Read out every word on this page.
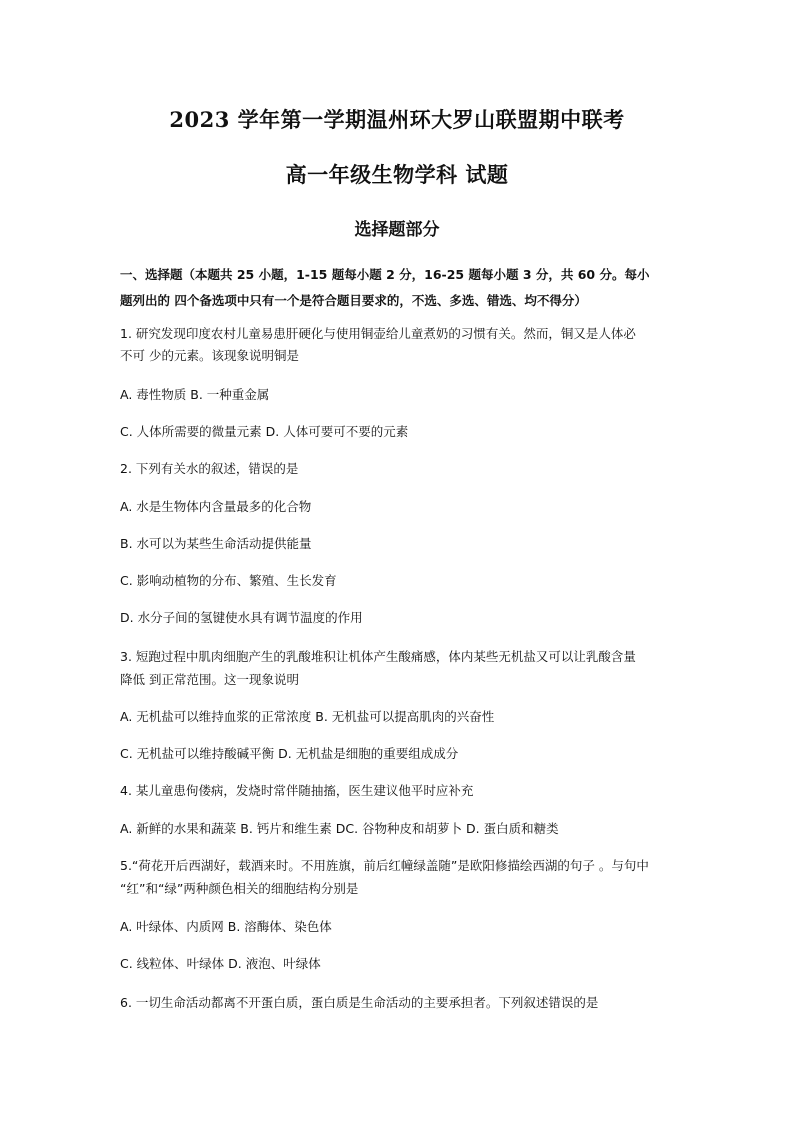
2023 学年第一学期温州环大罗山联盟期中联考
高一年级生物学科 试题
选择题部分
一、选择题（本题共 25 小题，1-15 题每小题 2 分，16-25 题每小题 3 分，共 60 分。每小
题列出的 四个备选项中只有一个是符合题目要求的，不选、多选、错选、均不得分）
1. 研究发现印度农村儿童易患肝硬化与使用铜壶给儿童煮奶的习惯有关。然而，铜又是人体必
不可 少的元素。该现象说明铜是
A. 毒性物质 B. 一种重金属
C. 人体所需要的微量元素 D. 人体可要可不要的元素
2. 下列有关水的叙述，错误的是
A. 水是生物体内含量最多的化合物
B. 水可以为某些生命活动提供能量
C. 影响动植物的分布、繁殖、生长发育
D. 水分子间的氢键使水具有调节温度的作用
3. 短跑过程中肌肉细胞产生的乳酸堆积让机体产生酸痛感，体内某些无机盐又可以让乳酸含量
降低 到正常范围。这一现象说明
A. 无机盐可以维持血浆的正常浓度 B. 无机盐可以提高肌肉的兴奋性
C. 无机盐可以维持酸碱平衡 D. 无机盐是细胞的重要组成成分
4. 某儿童患佝偻病，发烧时常伴随抽搐，医生建议他平时应补充
A. 新鲜的水果和蔬菜 B. 钙片和维生素 DC. 谷物种皮和胡萝卜 D. 蛋白质和糖类
5.“荷花开后西湖好，载酒来时。不用旌旗，前后红幢绿盖随”是欧阳修描绘西湖的句子 。与句中
“红”和“绿”两种颜色相关的细胞结构分别是
A. 叶绿体、内质网 B. 溶酶体、染色体
C. 线粒体、叶绿体 D. 液泡、叶绿体
6. 一切生命活动都离不开蛋白质，蛋白质是生命活动的主要承担者。下列叙述错误的是
